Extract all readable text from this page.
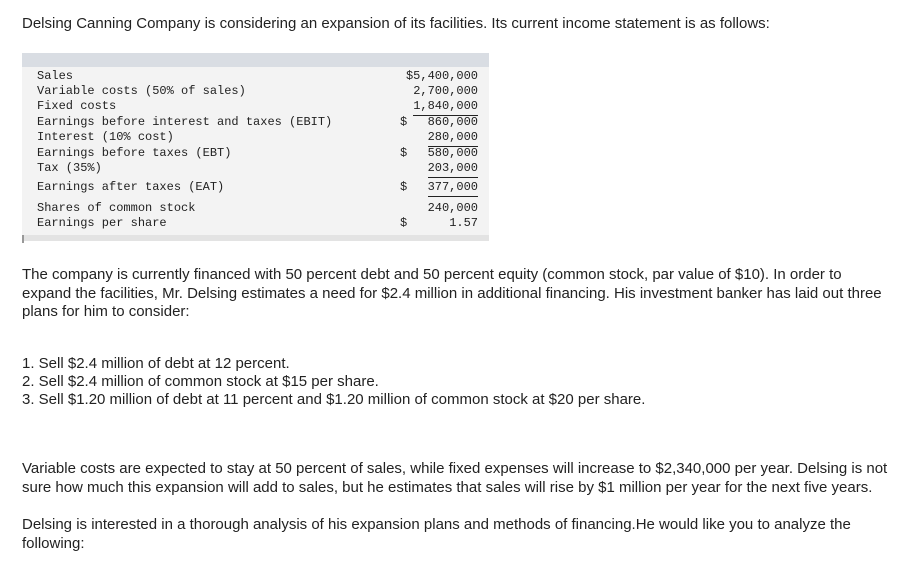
Delsing Canning Company is considering an expansion of its facilities. Its current income statement is as follows:

Sales	$5,400,000
Variable costs (50% of sales)	2,700,000
Fixed costs	1,840,000
Earnings before interest and taxes (EBIT)	$ 860,000
Interest (10% cost)	280,000
Earnings before taxes (EBT)	$ 580,000
Tax (35%)	203,000
Earnings after taxes (EAT)	$ 377,000
Shares of common stock	240,000
Earnings per share	$	1.57

The company is currently financed with 50 percent debt and 50 percent equity (common stock, par value of $10). In order to expand the facilities, Mr. Delsing estimates a need for $2.4 million in additional financing. His investment banker has laid out three plans for him to consider:

1. Sell $2.4 million of debt at 12 percent.
2. Sell $2.4 million of common stock at $15 per share.
3. Sell $1.20 million of debt at 11 percent and $1.20 million of common stock at $20 per share.

Variable costs are expected to stay at 50 percent of sales, while fixed expenses will increase to $2,340,000 per year. Delsing is not sure how much this expansion will add to sales, but he estimates that sales will rise by $1 million per year for the next five years.

Delsing is interested in a thorough analysis of his expansion plans and methods of financing.He would like you to analyze the following:
